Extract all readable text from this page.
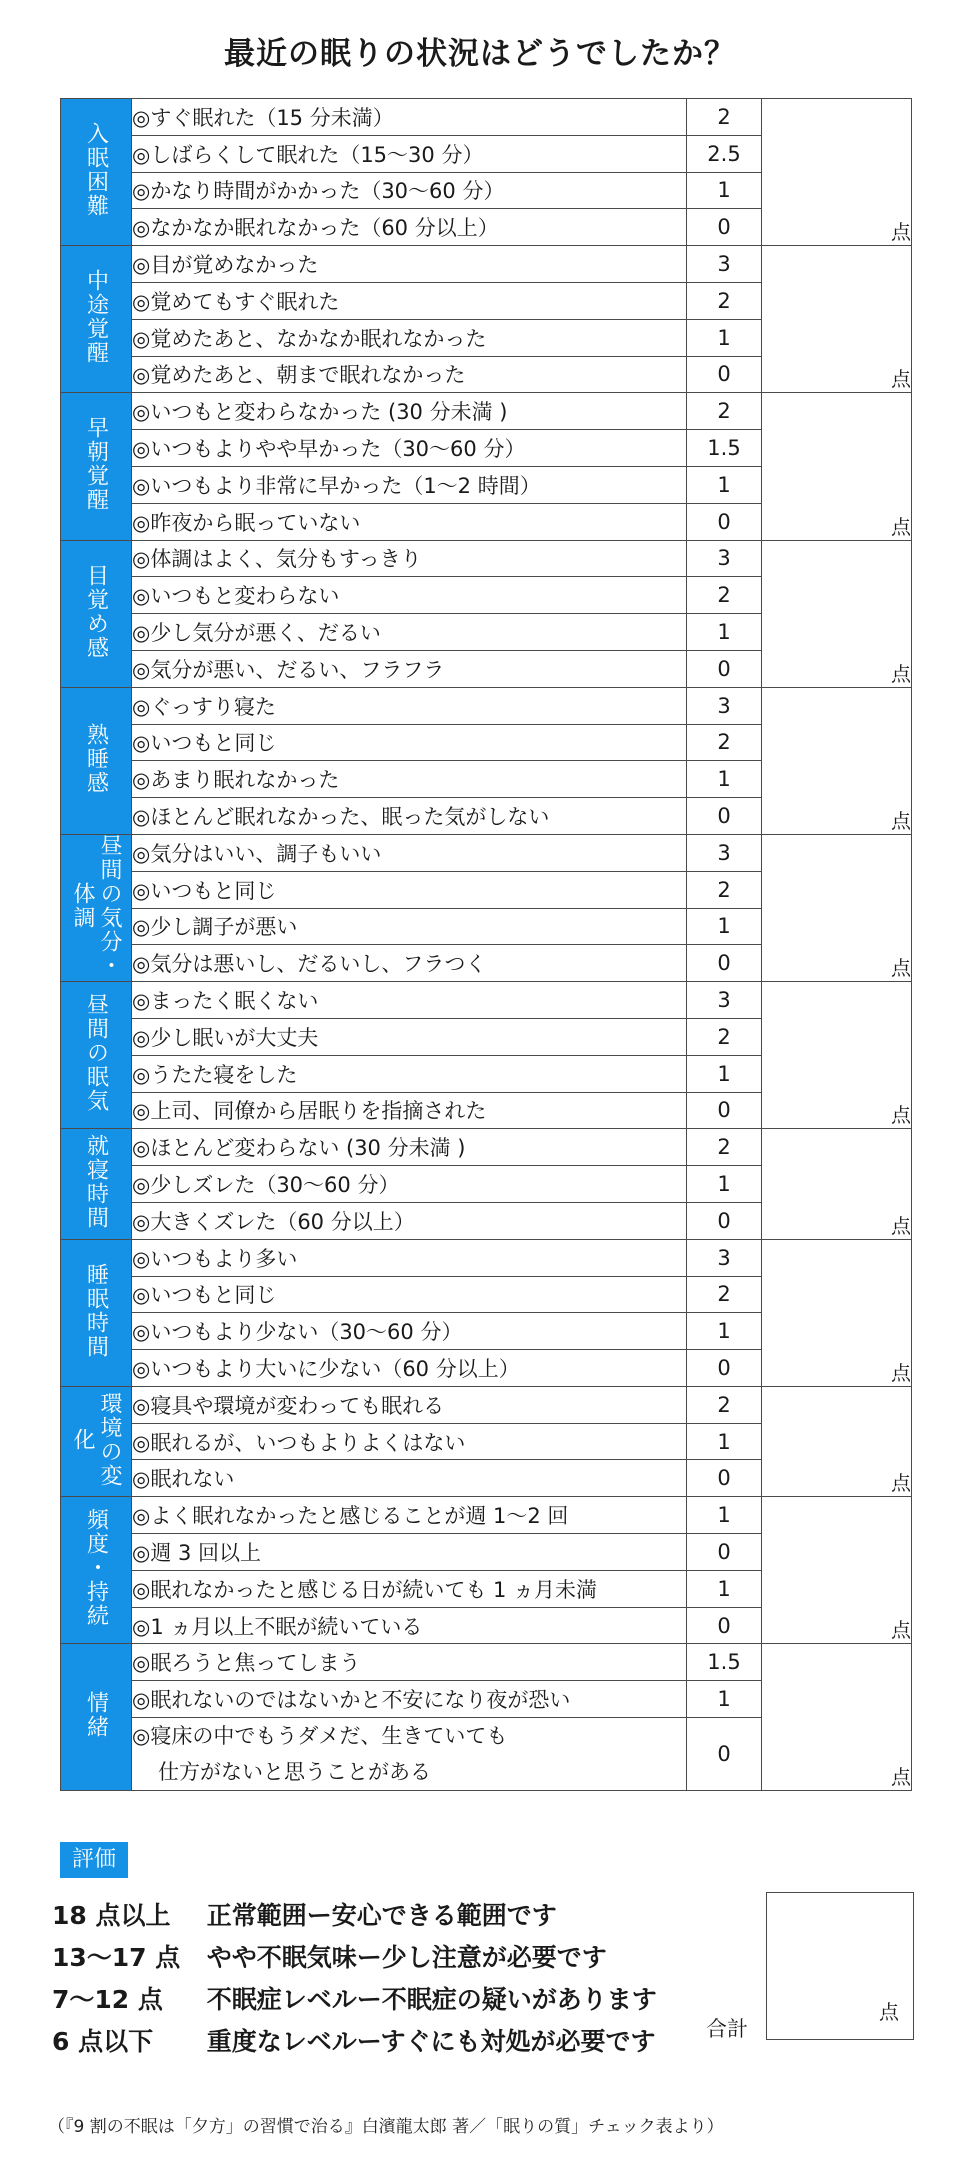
最近の眠りの状況はどうでしたか？
入眠困難	◎すぐ眠れた（15 分未満）	2	点
	◎しばらくして眠れた（15〜30 分）	2.5	
	◎かなり時間がかかった（30〜60 分）	1	
	◎なかなか眠れなかった（60 分以上）	0	
中途覚醒	◎目が覚めなかった	3	点
	◎覚めてもすぐ眠れた	2	
	◎覚めたあと、なかなか眠れなかった	1	
	◎覚めたあと、朝まで眠れなかった	0	
早朝覚醒	◎いつもと変わらなかった (30 分未満 )	2	点
	◎いつもよりやや早かった（30〜60 分）	1.5	
	◎いつもより非常に早かった（1〜2 時間）	1	
	◎昨夜から眠っていない	0	
目覚め感	◎体調はよく、気分もすっきり	3	点
	◎いつもと変わらない	2	
	◎少し気分が悪く、だるい	1	
	◎気分が悪い、だるい、フラフラ	0	
熟睡感	◎ぐっすり寝た	3	点
	◎いつもと同じ	2	
	◎あまり眠れなかった	1	
	◎ほとんど眠れなかった、眠った気がしない	0	
昼間の気分・体調	◎気分はいい、調子もいい	3	点
	◎いつもと同じ	2	
	◎少し調子が悪い	1	
	◎気分は悪いし、だるいし、フラつく	0	
昼間の眠気	◎まったく眠くない	3	点
	◎少し眠いが大丈夫	2	
	◎うたた寝をした	1	
	◎上司、同僚から居眠りを指摘された	0	
就寝時間	◎ほとんど変わらない (30 分未満 )	2	点
	◎少しズレた（30〜60 分）	1	
	◎大きくズレた（60 分以上）	0	
睡眠時間	◎いつもより多い	3	点
	◎いつもと同じ	2	
	◎いつもより少ない（30〜60 分）	1	
	◎いつもより大いに少ない（60 分以上）	0	
環境の変化	◎寝具や環境が変わっても眠れる	2	点
	◎眠れるが、いつもよりよくはない	1	
	◎眠れない	0	
頻度・持続	◎よく眠れなかったと感じることが週 1〜2 回	1	点
	◎週 3 回以上	0	
	◎眠れなかったと感じる日が続いても 1 ヵ月未満	1	
	◎1 ヵ月以上不眠が続いている	0	
情緒	◎眠ろうと焦ってしまう	1.5	点
	◎眠れないのではないかと不安になり夜が恐い	1	
	◎寝床の中でもうダメだ、生きていても
仕方がないと思うことがある	0	
評価
18 点以上 正常範囲ー安心できる範囲です
13〜17 点 やや不眠気味ー少し注意が必要です
7〜12 点 不眠症レベルー不眠症の疑いがあります
6 点以下 重度なレベルーすぐにも対処が必要です 合計
点
（『9 割の不眠は「夕方」の習慣で治る』白濱龍太郎 著／「眠りの質」チェック表より）
